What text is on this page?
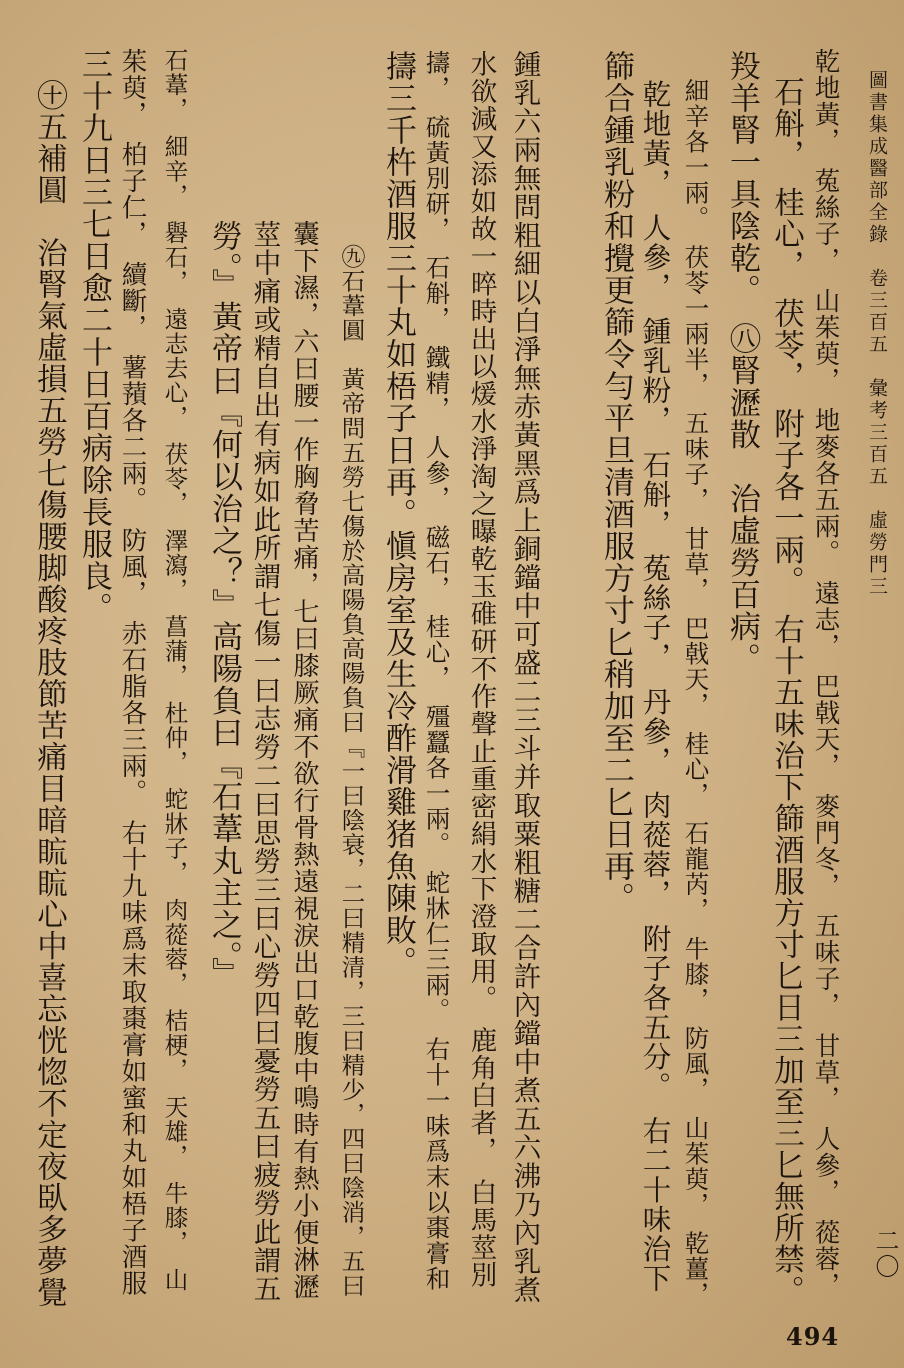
圖書集成醫部全錄　卷三百五　彙考三百五　虛勞門三
二〇
乾地黃，　菟絲子，　山茱萸，　地麥各五兩。　遠志，　巴戟天，　麥門冬，　五味子，　甘草，　人參，　蓯蓉，
石斛，　桂心，　茯苓，　附子各一兩。　右十五味治下篩酒服方寸匕日三加至三匕無所禁。
羖羊腎一具陰乾。　㊇腎瀝散　治虛勞百病。
細辛各一兩。　茯苓一兩半，　五味子，　甘草，　巴戟天，　桂心，　石龍芮，　牛膝，　防風，　山茱萸，　乾薑，
　乾地黃，　人參，　鍾乳粉，　石斛，　菟絲子，　丹參，　肉蓯蓉，　附子各五分。　右二十味治下
篩合鍾乳粉和攪更篩令勻平旦清酒服方寸匕稍加至二匕日再。
鍾乳六兩無問粗細以白淨無赤黃黑爲上銅鐺中可盛二三斗并取粟粗糖二合許內鐺中煮五六沸乃內乳煮
水欲減又添如故一晬時出以煖水淨淘之曝乾玉碓研不作聲止重密絹水下澄取用。　鹿角白者，　白馬莖別
擣，　硫黃別研，　石斛，　鐵精，　人參，　磁石，　桂心，　殭蠶各一兩。　蛇牀仁三兩。　右十一味爲末以棗膏和
擣三千杵酒服三十丸如梧子日再。愼房室及生冷酢滑雞猪魚陳敗。
　㊈石葦圓　黃帝問五勞七傷於高陽負高陽負曰『一曰陰衰，二曰精清，三曰精少，四曰陰消，五曰
囊下濕，六曰腰一作胸脅苦痛，七曰膝厥痛不欲行骨熱遠視淚出口乾腹中鳴時有熱小便淋瀝
莖中痛或精自出有病如此所謂七傷一曰志勞二曰思勞三曰心勞四曰憂勞五曰疲勞此謂五
勞。』黃帝曰『何以治之？』高陽負曰『石葦丸主之。』
石葦，　細辛，　礜石，　遠志去心，　茯苓，　澤瀉，　菖蒲，　杜仲，　蛇牀子，　肉蓯蓉，　桔梗，　天雄，　牛膝，　山
茱萸，　柏子仁，　續斷，　薯蕷各二兩。　防風，　赤石脂各三兩。　右十九味爲末取棗膏如蜜和丸如梧子酒服
三十九日三七日愈二十日百病除長服良。
　㊉五補圓　治腎氣虛損五勞七傷腰脚酸疼肢節苦痛目暗䀮䀮心中喜忘恍惚不定夜臥多夢覺
494
